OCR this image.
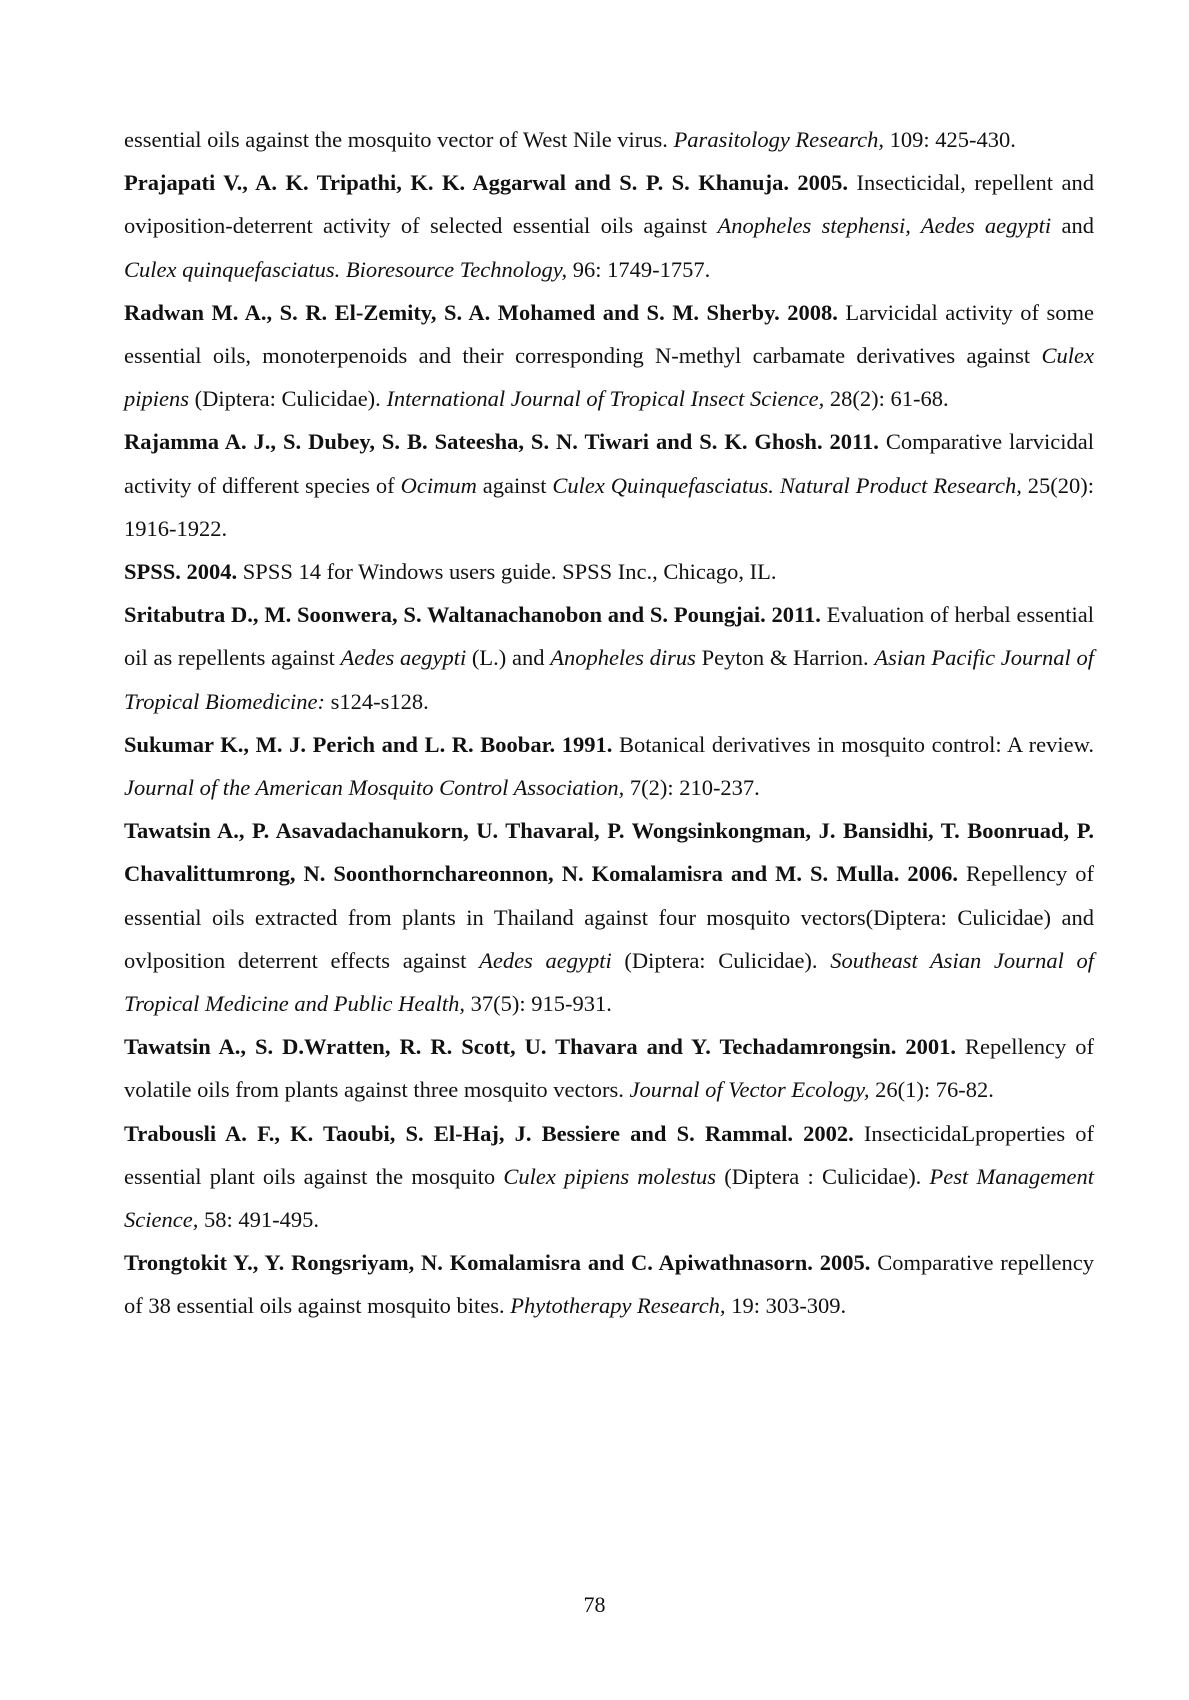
essential oils against the mosquito vector of West Nile virus. Parasitology Research, 109: 425-430.

Prajapati V., A. K. Tripathi, K. K. Aggarwal and S. P. S. Khanuja. 2005. Insecticidal, repellent and oviposition-deterrent activity of selected essential oils against Anopheles stephensi, Aedes aegypti and Culex quinquefasciatus. Bioresource Technology, 96: 1749-1757.

Radwan M. A., S. R. El-Zemity, S. A. Mohamed and S. M. Sherby. 2008. Larvicidal activity of some essential oils, monoterpenoids and their corresponding N-methyl carbamate derivatives against Culex pipiens (Diptera: Culicidae). International Journal of Tropical Insect Science, 28(2): 61-68.

Rajamma A. J., S. Dubey, S. B. Sateesha, S. N. Tiwari and S. K. Ghosh. 2011. Comparative larvicidal activity of different species of Ocimum against Culex Quinquefasciatus. Natural Product Research, 25(20): 1916-1922.

SPSS. 2004. SPSS 14 for Windows users guide. SPSS Inc., Chicago, IL.

Sritabutra D., M. Soonwera, S. Waltanachanobon and S. Poungjai. 2011. Evaluation of herbal essential oil as repellents against Aedes aegypti (L.) and Anopheles dirus Peyton & Harrion. Asian Pacific Journal of Tropical Biomedicine: s124-s128.

Sukumar K., M. J. Perich and L. R. Boobar. 1991. Botanical derivatives in mosquito control: A review. Journal of the American Mosquito Control Association, 7(2): 210-237.

Tawatsin A., P. Asavadachanukorn, U. Thavaral, P. Wongsinkongman, J. Bansidhi, T. Boonruad, P. Chavalittumrong, N. Soonthornchareonnon, N. Komalamisra and M. S. Mulla. 2006. Repellency of essential oils extracted from plants in Thailand against four mosquito vectors(Diptera: Culicidae) and ovlposition deterrent effects against Aedes aegypti (Diptera: Culicidae). Southeast Asian Journal of Tropical Medicine and Public Health, 37(5): 915-931.

Tawatsin A., S. D.Wratten, R. R. Scott, U. Thavara and Y. Techadamrongsin. 2001. Repellency of volatile oils from plants against three mosquito vectors. Journal of Vector Ecology, 26(1): 76-82.

Trabousli A. F., K. Taoubi, S. El-Haj, J. Bessiere and S. Rammal. 2002. InsecticidaLproperties of essential plant oils against the mosquito Culex pipiens molestus (Diptera : Culicidae). Pest Management Science, 58: 491-495.

Trongtokit Y., Y. Rongsriyam, N. Komalamisra and C. Apiwathnasorn. 2005. Comparative repellency of 38 essential oils against mosquito bites. Phytotherapy Research, 19: 303-309.

78
